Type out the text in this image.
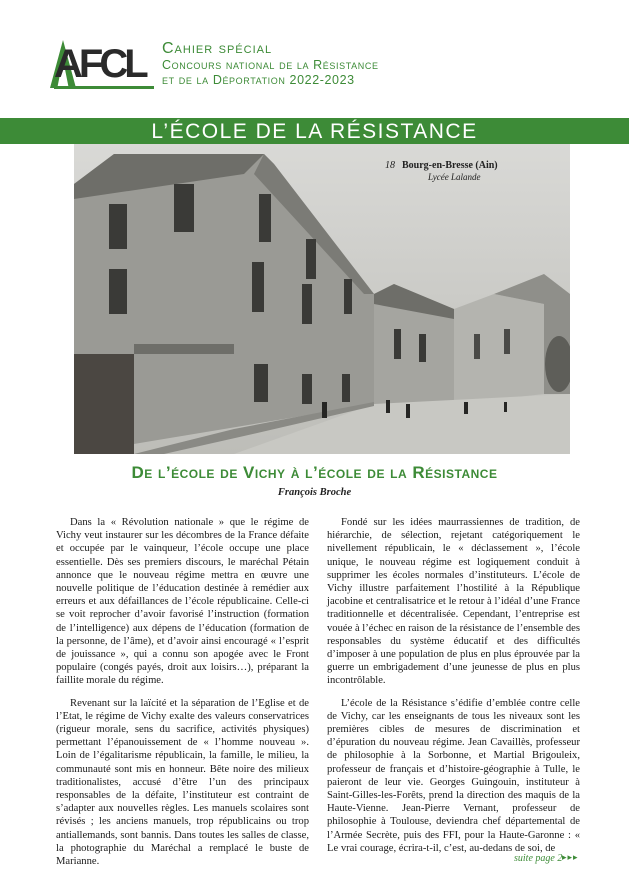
AFCL Cahier spécial

Concours national de la Résistance

et de la Déportation 2022-2023

L’ÉCOLE DE LA RÉSISTANCE
18 Bourg-en-Bresse (Ain)
Lycée Lalande
De l’école de Vichy à l’école de la Résistance
François Broche

Dans la « Révolution nationale » que le régime de Vichy veut instaurer sur les décombres de la France défaite et occupée par le vainqueur, l’école occupe une place essentielle. Dès ses premiers discours, le maréchal Pétain annonce que le nouveau régime mettra en œuvre une nouvelle politique de l’éducation destinée à remédier aux erreurs et aux défaillances de l’école républicaine. Celle-ci se voit reprocher d’avoir favorisé l’instruction (formation de l’intelligence) aux dépens de l’éducation (formation de la personne, de l’âme), et d’avoir ainsi encouragé « l’esprit de jouissance », qui a connu son apogée avec le Front populaire (congés payés, droit aux loisirs…), préparant la faillite morale du régime.

Revenant sur la laïcité et la séparation de l’Eglise et de l’Etat, le régime de Vichy exalte des valeurs conservatrices (rigueur morale, sens du sacrifice, activités physiques) permettant l’épanouissement de « l’homme nouveau ». Loin de l’égalitarisme républicain, la famille, le milieu, la communauté sont mis en honneur. Bête noire des milieux traditionalistes, accusé d’être l’un des principaux responsables de la défaite, l’instituteur est contraint de s’adapter aux nouvelles règles. Les manuels scolaires sont révisés ; les anciens manuels, trop républicains ou trop antiallemands, sont bannis. Dans toutes les salles de classe, la photographie du Maréchal a remplacé le buste de Marianne.

Fondé sur les idées maurrassiennes de tradition, de hiérarchie, de sélection, rejetant catégoriquement le nivellement républicain, le « déclassement », l’école unique, le nouveau régime est logiquement conduit à supprimer les écoles normales d’instituteurs. L’école de Vichy illustre parfaitement l’hostilité à la République jacobine et centralisatrice et le retour à l’idéal d’une France traditionnelle et décentralisée. Cependant, l’entreprise est vouée à l’échec en raison de la résistance de l’ensemble des responsables du système éducatif et des difficultés d’imposer à une population de plus en plus éprouvée par la guerre un embrigadement d’une jeunesse de plus en plus incontrôlable.

L’école de la Résistance s’édifie d’emblée contre celle de Vichy, car les enseignants de tous les niveaux sont les premières cibles de mesures de discrimination et d’épuration du nouveau régime. Jean Cavaillès, professeur de philosophie à la Sorbonne, et Martial Brigouleix, professeur de français et d’histoire-géographie à Tulle, le paieront de leur vie. Georges Guingouin, instituteur à Saint-Gilles-les-Forêts, prend la direction des maquis de la Haute-Vienne. Jean-Pierre Vernant, professeur de philosophie à Toulouse, deviendra chef départemental de l’Armée Secrète, puis des FFI, pour la Haute-Garonne : « Le vrai courage, écrira-t-il, c’est, au-dedans de soi, de

suite page 2 ▸▸▸
